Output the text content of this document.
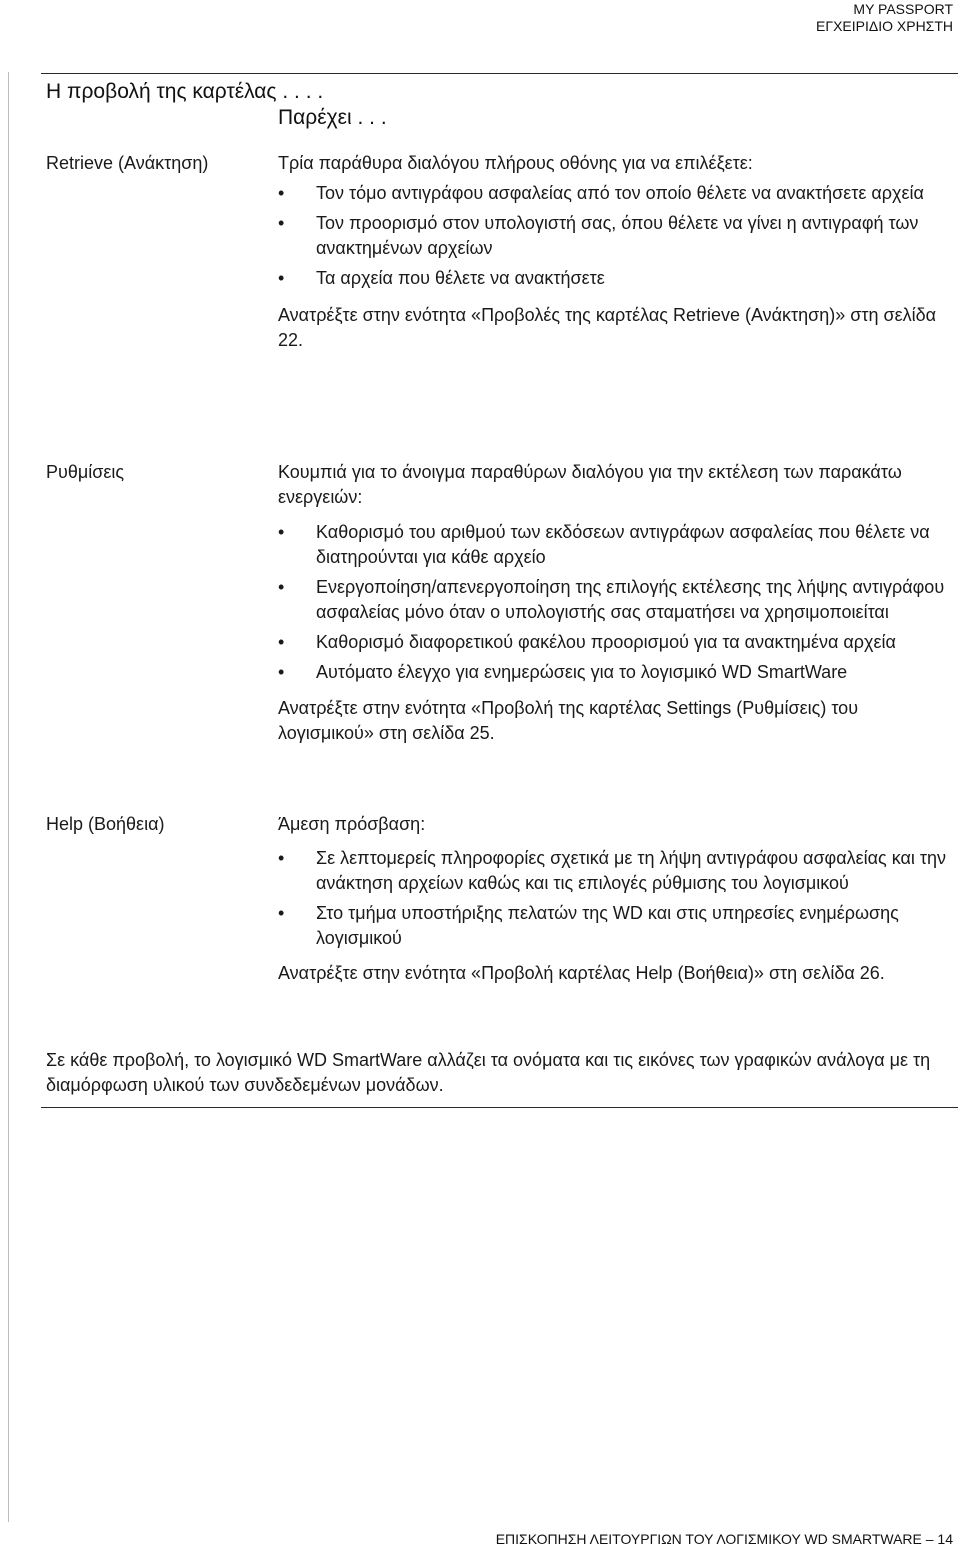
MY PASSPORT
ΕΓΧΕΙΡΙΔΙΟ ΧΡΗΣΤΗ
Η προβολή της καρτέλας . . . .
Παρέχει . . .
Retrieve (Ανάκτηση)	Τρία παράθυρα διαλόγου πλήρους οθόνης για να επιλέξετε:

• Τον τόμο αντιγράφου ασφαλείας από τον οποίο θέλετε να ανακτήσετε αρχεία
• Τον προορισμό στον υπολογιστή σας, όπου θέλετε να γίνει η αντιγραφή των ανακτημένων αρχείων
• Τα αρχεία που θέλετε να ανακτήσετε

Ανατρέξτε στην ενότητα «Προβολές της καρτέλας Retrieve (Ανάκτηση)» στη σελίδα 22.

Ρυθμίσεις	Κουμπιά για το άνοιγμα παραθύρων διαλόγου για την εκτέλεση των παρακάτω ενεργειών:

• Καθορισμό του αριθμού των εκδόσεων αντιγράφων ασφαλείας που θέλετε να διατηρούνται για κάθε αρχείο
• Ενεργοποίηση/απενεργοποίηση της επιλογής εκτέλεσης της λήψης αντιγράφου ασφαλείας μόνο όταν ο υπολογιστής σας σταματήσει να χρησιμοποιείται
• Καθορισμό διαφορετικού φακέλου προορισμού για τα ανακτημένα αρχεία
• Αυτόματο έλεγχο για ενημερώσεις για το λογισμικό WD SmartWare

Ανατρέξτε στην ενότητα «Προβολή της καρτέλας Settings (Ρυθμίσεις) του λογισμικού» στη σελίδα 25.

Help (Βοήθεια)	Άμεση πρόσβαση:

• Σε λεπτομερείς πληροφορίες σχετικά με τη λήψη αντιγράφου ασφαλείας και την ανάκτηση αρχείων καθώς και τις επιλογές ρύθμισης του λογισμικού
• Στο τμήμα υποστήριξης πελατών της WD και στις υπηρεσίες ενημέρωσης λογισμικού

Ανατρέξτε στην ενότητα «Προβολή καρτέλας Help (Βοήθεια)» στη σελίδα 26.

Σε κάθε προβολή, το λογισμικό WD SmartWare αλλάζει τα ονόματα και τις εικόνες των γραφικών ανάλογα με τη διαμόρφωση υλικού των συνδεδεμένων μονάδων.
ΕΠΙΣΚΟΠΗΣΗ ΛΕΙΤΟΥΡΓΙΩΝ ΤΟΥ ΛΟΓΙΣΜΙΚΟΥ WD SMARTWARE – 14
